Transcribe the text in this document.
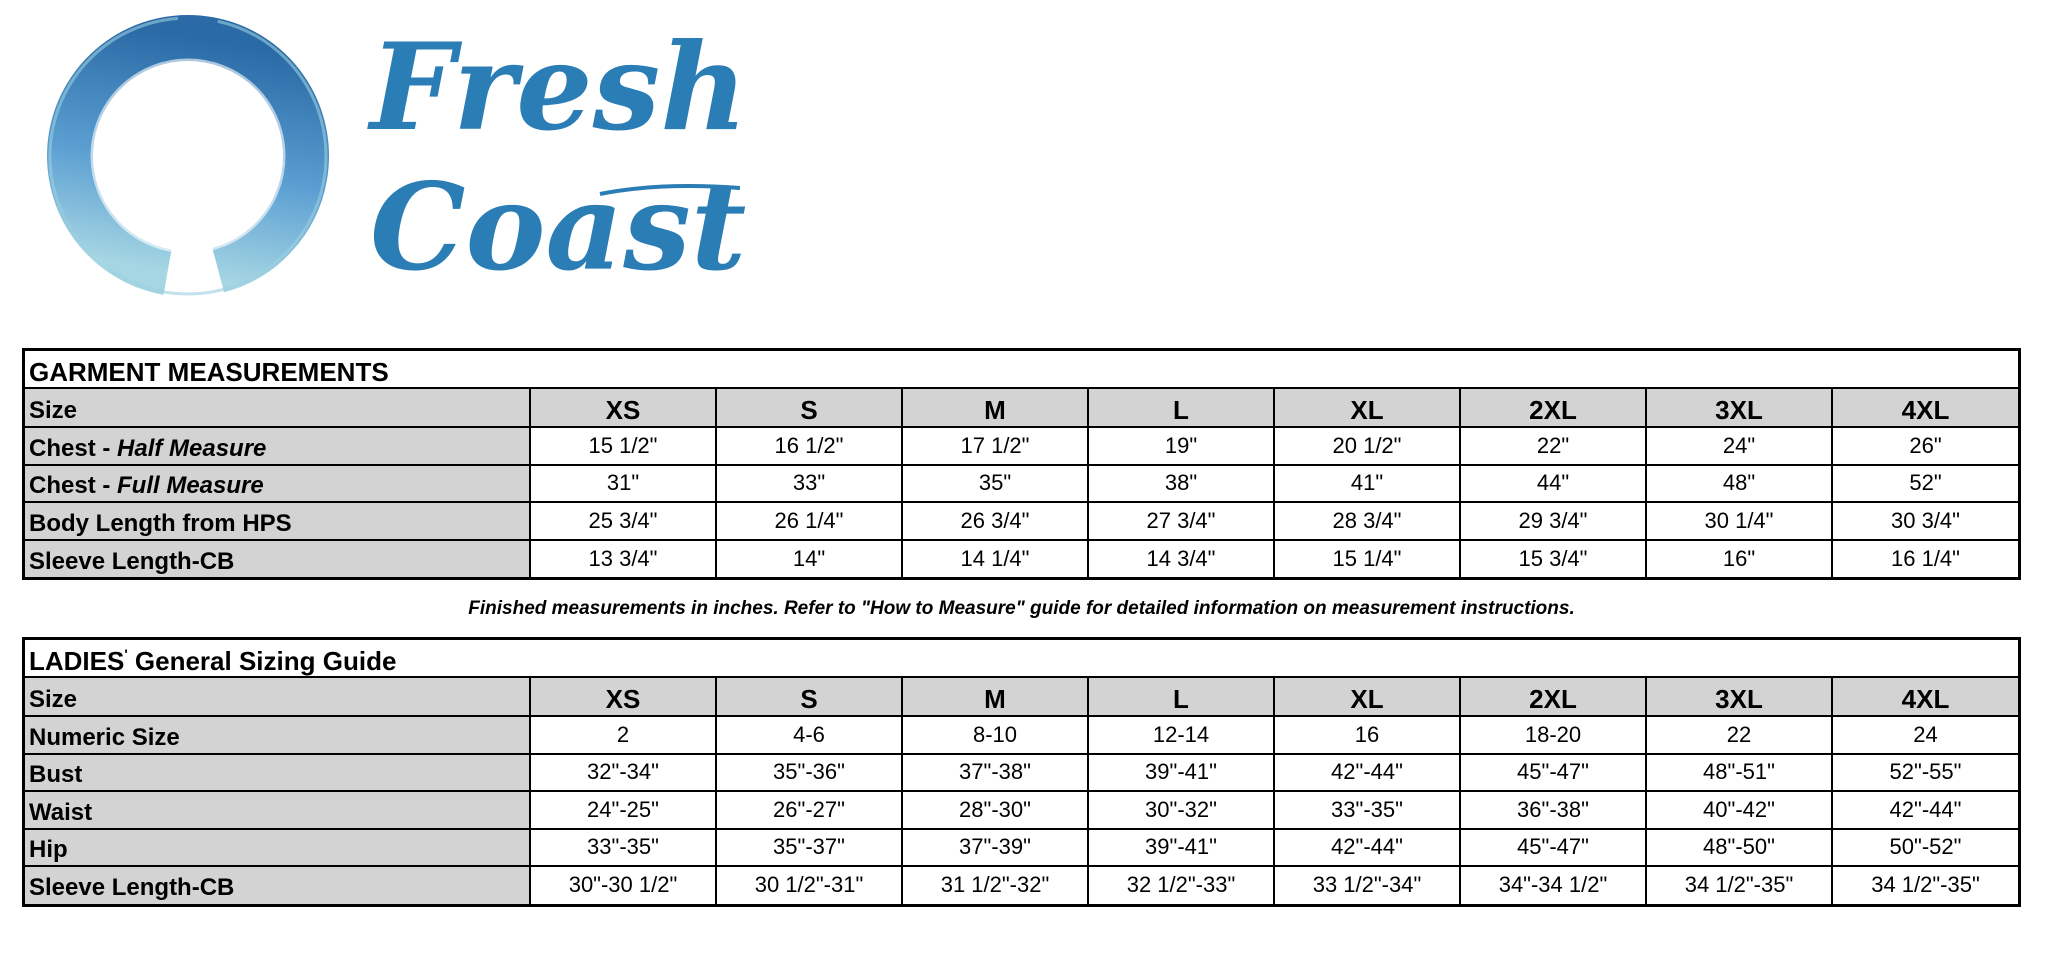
Fresh
Coast
GARMENT MEASUREMENTS
Size	XS	S	M	L	XL	2XL	3XL	4XL
Chest - Half Measure	15 1/2"	16 1/2"	17 1/2"	19"	20 1/2"	22"	24"	26"
Chest - Full Measure	31"	33"	35"	38"	41"	44"	48"	52"
Body Length from HPS	25 3/4"	26 1/4"	26 3/4"	27 3/4"	28 3/4"	29 3/4"	30 1/4"	30 3/4"
Sleeve Length-CB	13 3/4"	14"	14 1/4"	14 3/4"	15 1/4"	15 3/4"	16"	16 1/4"
Finished measurements in inches. Refer to "How to Measure" guide for detailed information on measurement instructions.
LADIES' General Sizing Guide
Size	XS	S	M	L	XL	2XL	3XL	4XL
Numeric Size	2	4-6	8-10	12-14	16	18-20	22	24
Bust	32"-34"	35"-36"	37"-38"	39"-41"	42"-44"	45"-47"	48"-51"	52"-55"
Waist	24"-25"	26"-27"	28"-30"	30"-32"	33"-35"	36"-38"	40"-42"	42"-44"
Hip	33"-35"	35"-37"	37"-39"	39"-41"	42"-44"	45"-47"	48"-50"	50"-52"
Sleeve Length-CB	30"-30 1/2"	30 1/2"-31"	31 1/2"-32"	32 1/2"-33"	33 1/2"-34"	34"-34 1/2"	34 1/2"-35"	34 1/2"-35"
